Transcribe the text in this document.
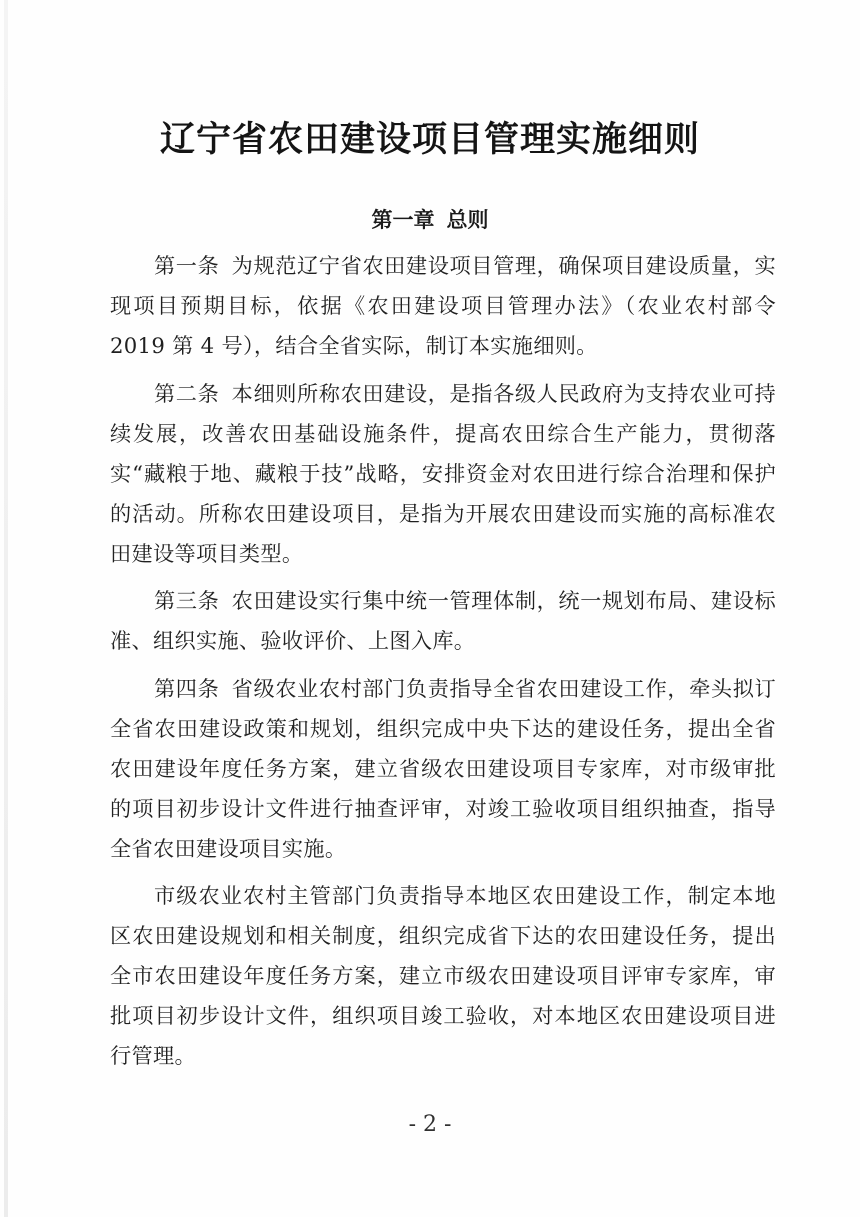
辽宁省农田建设项目管理实施细则
第一章 总则

第一条 为规范辽宁省农田建设项目管理，确保项目建设质量，实现项目预期目标，依据《农田建设项目管理办法》（农业农村部令 2019 第 4 号），结合全省实际，制订本实施细则。

第二条 本细则所称农田建设，是指各级人民政府为支持农业可持续发展，改善农田基础设施条件，提高农田综合生产能力，贯彻落实“藏粮于地、藏粮于技”战略，安排资金对农田进行综合治理和保护的活动。所称农田建设项目，是指为开展农田建设而实施的高标准农田建设等项目类型。

第三条 农田建设实行集中统一管理体制，统一规划布局、建设标准、组织实施、验收评价、上图入库。

第四条 省级农业农村部门负责指导全省农田建设工作，牵头拟订全省农田建设政策和规划，组织完成中央下达的建设任务，提出全省农田建设年度任务方案，建立省级农田建设项目专家库，对市级审批的项目初步设计文件进行抽查评审，对竣工验收项目组织抽查，指导全省农田建设项目实施。

市级农业农村主管部门负责指导本地区农田建设工作，制定本地区农田建设规划和相关制度，组织完成省下达的农田建设任务，提出全市农田建设年度任务方案，建立市级农田建设项目评审专家库，审批项目初步设计文件，组织项目竣工验收，对本地区农田建设项目进行管理。

- 2 -
